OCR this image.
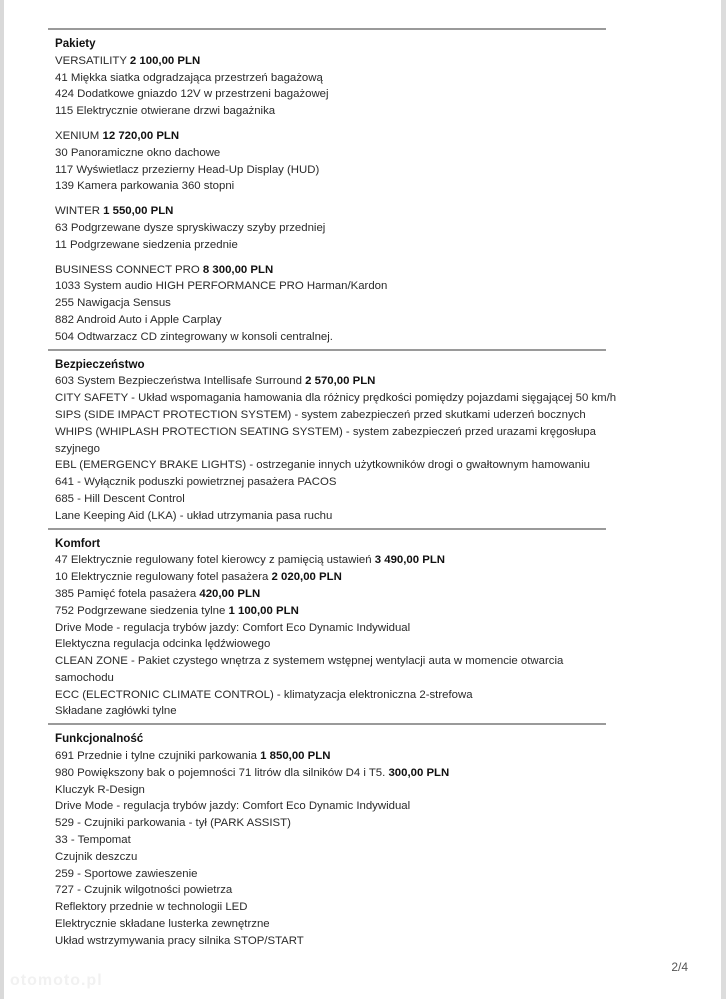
Pakiety
VERSATILITY 2 100,00 PLN
41 Miękka siatka odgradzająca przestrzeń bagażową
424 Dodatkowe gniazdo 12V w przestrzeni bagażowej
115 Elektrycznie otwierane drzwi bagażnika
XENIUM 12 720,00 PLN
30 Panoramiczne okno dachowe
117 Wyświetlacz przezierny Head-Up Display (HUD)
139 Kamera parkowania 360 stopni
WINTER 1 550,00 PLN
63 Podgrzewane dysze spryskiwaczy szyby przedniej
11 Podgrzewane siedzenia przednie
BUSINESS CONNECT PRO 8 300,00 PLN
1033 System audio HIGH PERFORMANCE PRO Harman/Kardon
255 Nawigacja Sensus
882 Android Auto i Apple Carplay
504 Odtwarzacz CD zintegrowany w konsoli centralnej.
Bezpieczeństwo
603 System Bezpieczeństwa Intellisafe Surround 2 570,00 PLN
CITY SAFETY - Układ wspomagania hamowania dla różnicy prędkości pomiędzy pojazdami sięgającej 50 km/h
SIPS (SIDE IMPACT PROTECTION SYSTEM) - system zabezpieczeń przed skutkami uderzeń bocznych
WHIPS (WHIPLASH PROTECTION SEATING SYSTEM) - system zabezpieczeń przed urazami kręgosłupa szyjnego
EBL (EMERGENCY BRAKE LIGHTS) - ostrzeganie innych użytkowników drogi o gwałtownym hamowaniu
641 - Wyłącznik poduszki powietrznej pasażera PACOS
685 - Hill Descent Control
Lane Keeping Aid (LKA) - układ utrzymania pasa ruchu
Komfort
47 Elektrycznie regulowany fotel kierowcy z pamięcią ustawień 3 490,00 PLN
10 Elektrycznie regulowany fotel pasażera 2 020,00 PLN
385 Pamięć fotela pasażera 420,00 PLN
752 Podgrzewane siedzenia tylne 1 100,00 PLN
Drive Mode - regulacja trybów jazdy: Comfort Eco Dynamic Indywidual
Elektyczna regulacja odcinka lędźwiowego
CLEAN ZONE - Pakiet czystego wnętrza z systemem wstępnej wentylacji auta w momencie otwarcia samochodu
ECC (ELECTRONIC CLIMATE CONTROL) - klimatyzacja elektroniczna 2-strefowa
Składane zagłówki tylne
Funkcjonalność
691 Przednie i tylne czujniki parkowania 1 850,00 PLN
980 Powiększony bak o pojemności 71 litrów dla silników D4 i T5. 300,00 PLN
Kluczyk R-Design
Drive Mode - regulacja trybów jazdy: Comfort Eco Dynamic Indywidual
529 - Czujniki parkowania - tył (PARK ASSIST)
33 - Tempomat
Czujnik deszczu
259 - Sportowe zawieszenie
727 - Czujnik wilgotności powietrza
Reflektory przednie w technologii LED
Elektrycznie składane lusterka zewnętrzne
Układ wstrzymywania pracy silnika STOP/START
2/4
otomoto.pl
